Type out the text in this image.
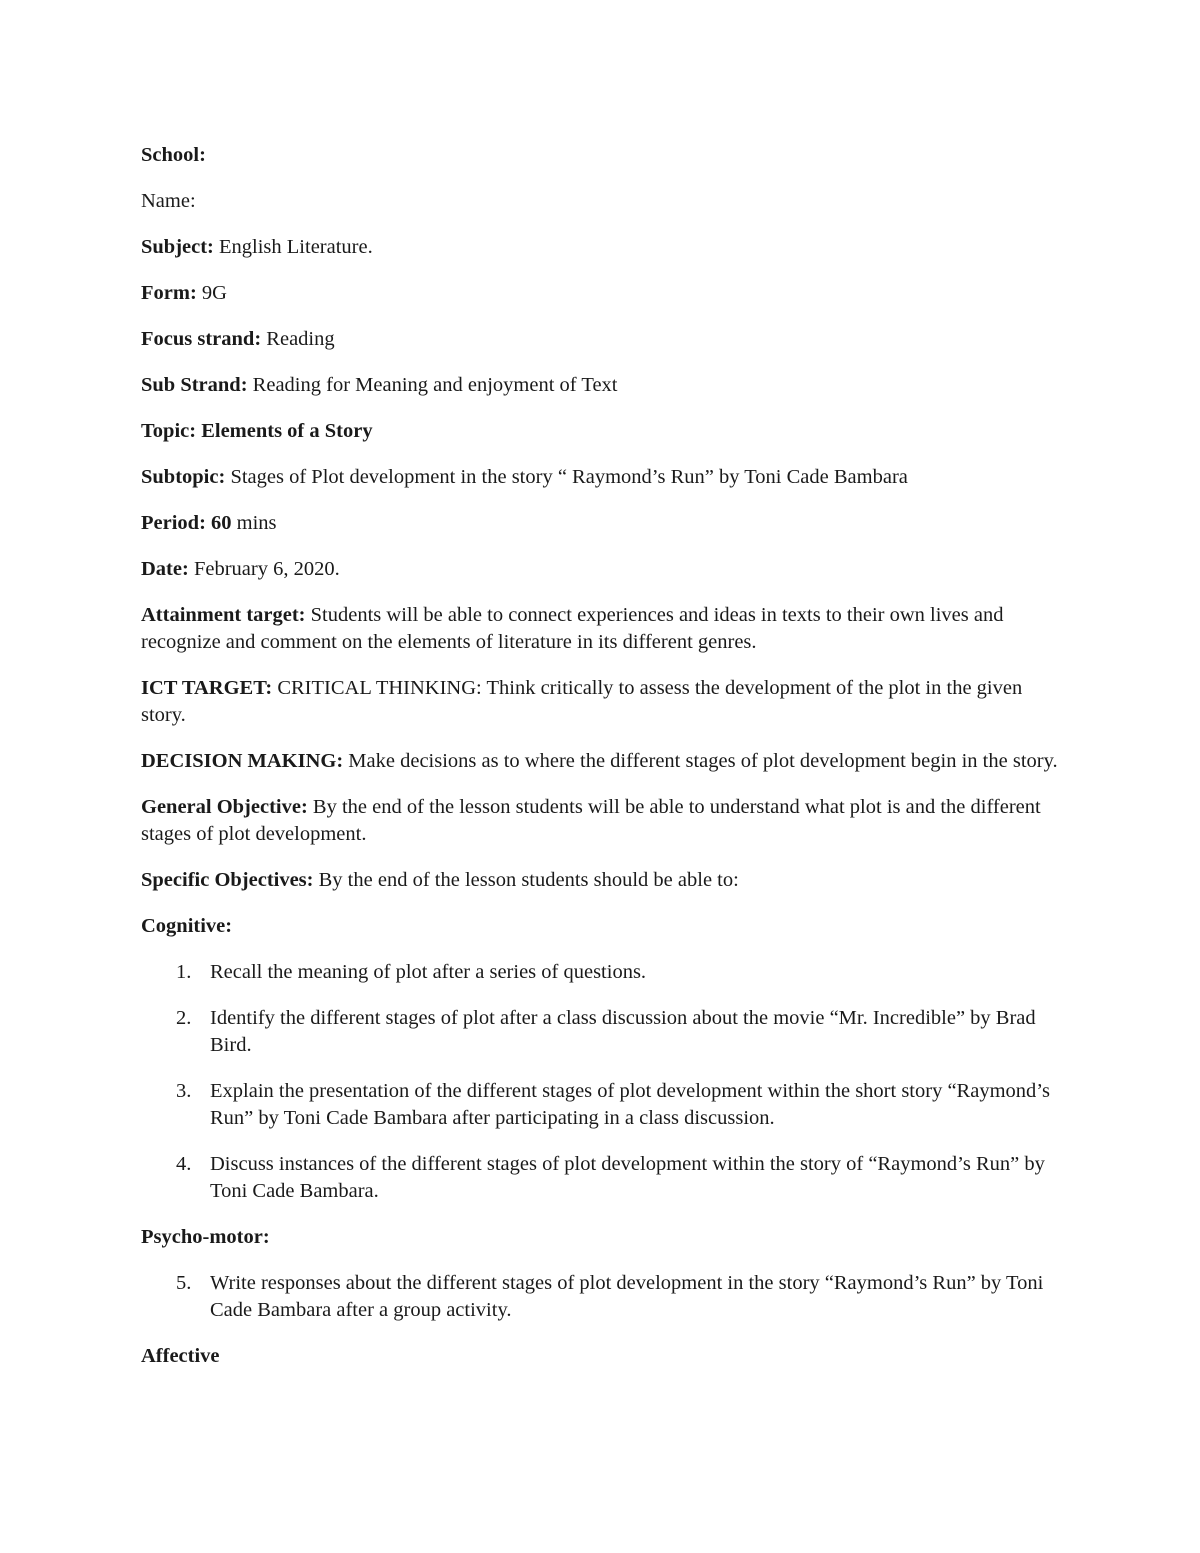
School:

Name:

Subject: English Literature.

Form: 9G

Focus strand: Reading

Sub Strand: Reading for Meaning and enjoyment of Text

Topic: Elements of a Story

Subtopic: Stages of Plot development in the story “ Raymond’s Run” by Toni Cade Bambara

Period: 60 mins

Date: February 6, 2020.

Attainment target: Students will be able to connect experiences and ideas in texts to their own lives and recognize and comment on the elements of literature in its different genres.

ICT TARGET: CRITICAL THINKING: Think critically to assess the development of the plot in the given story.

DECISION MAKING: Make decisions as to where the different stages of plot development begin in the story.

General Objective: By the end of the lesson students will be able to understand what plot is and the different stages of plot development.

Specific Objectives: By the end of the lesson students should be able to:

Cognitive:

1. Recall the meaning of plot after a series of questions.
2. Identify the different stages of plot after a class discussion about the movie “Mr. Incredible” by Brad Bird.
3. Explain the presentation of the different stages of plot development within the short story “Raymond’s Run” by Toni Cade Bambara after participating in a class discussion.
4. Discuss instances of the different stages of plot development within the story of “Raymond’s Run” by Toni Cade Bambara.

Psycho-motor:

5. Write responses about the different stages of plot development in the story “Raymond’s Run” by Toni Cade Bambara after a group activity.

Affective
